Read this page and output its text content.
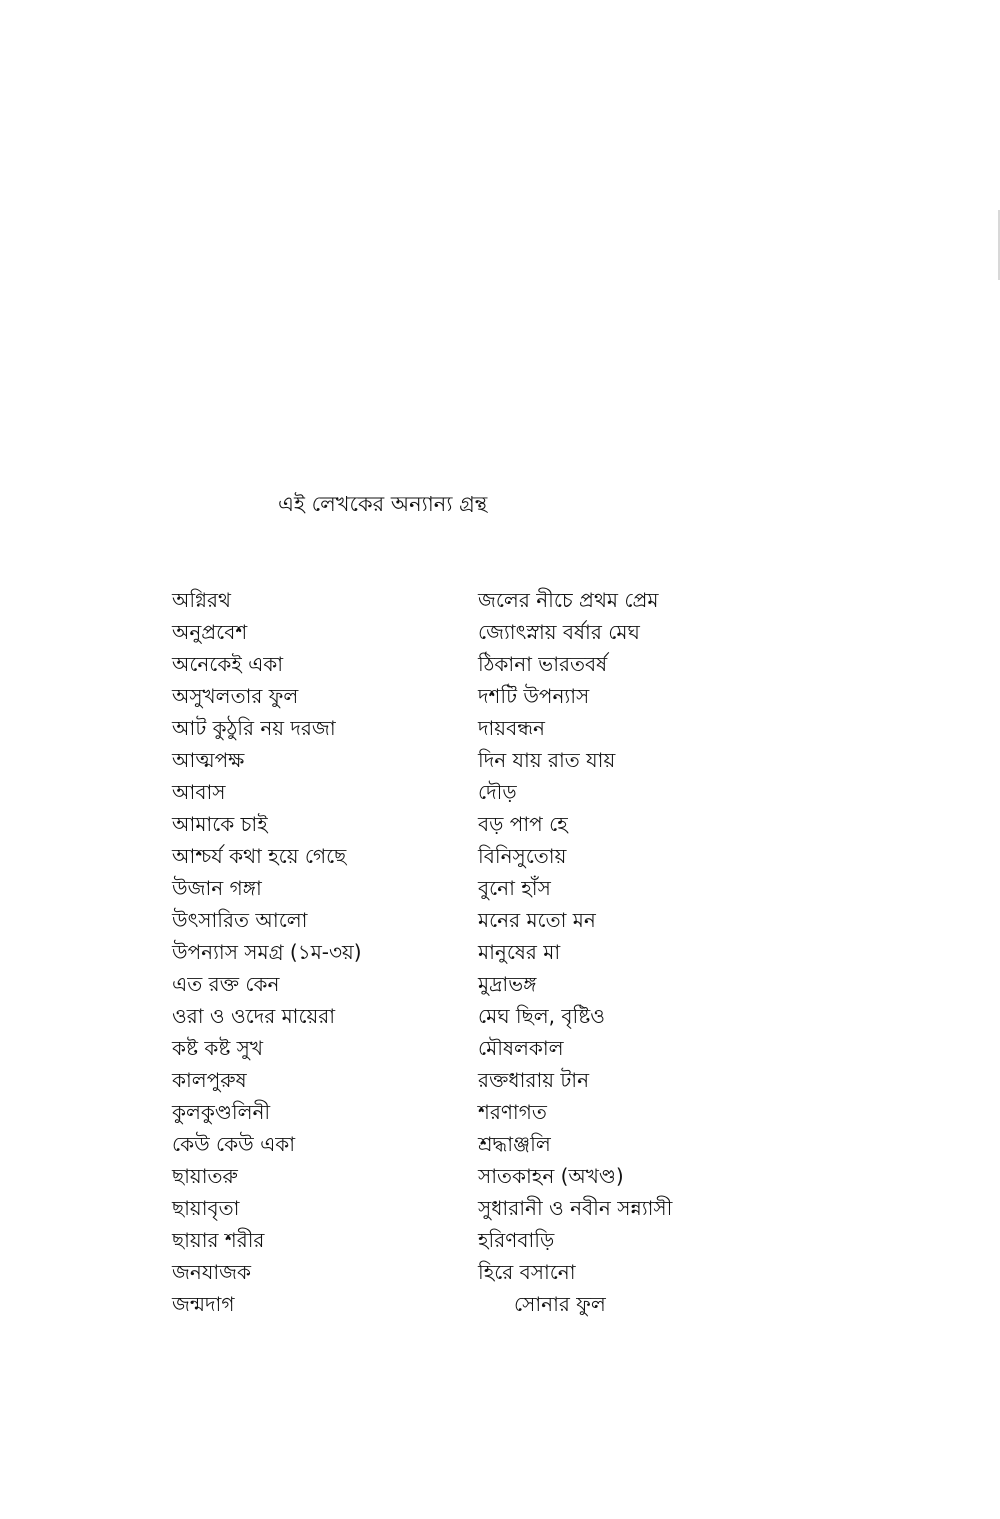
এই লেখকের অন্যান্য গ্রন্থ
অগ্নিরথ
অনুপ্রবেশ
অনেকেই একা
অসুখলতার ফুল
আট কুঠুরি নয় দরজা
আত্মপক্ষ
আবাস
আমাকে চাই
আশ্চর্য কথা হয়ে গেছে
উজান গঙ্গা
উৎসারিত আলো
উপন্যাস সমগ্র (১ম-৩য়)
এত রক্ত কেন
ওরা ও ওদের মায়েরা
কষ্ট কষ্ট সুখ
কালপুরুষ
কুলকুণ্ডলিনী
কেউ কেউ একা
ছায়াতরু
ছায়াবৃতা
ছায়ার শরীর
জনযাজক
জন্মদাগ
জলের নীচে প্রথম প্রেম
জ্যোৎস্নায় বর্ষার মেঘ
ঠিকানা ভারতবর্ষ
দশটি উপন্যাস
দায়বন্ধন
দিন যায় রাত যায়
দৌড়
বড় পাপ হে
বিনিসুতোয়
বুনো হাঁস
মনের মতো মন
মানুষের মা
মুদ্রাভঙ্গ
মেঘ ছিল, বৃষ্টিও
মৌষলকাল
রক্তধারায় টান
শরণাগত
শ্রদ্ধাঞ্জলি
সাতকাহন (অখণ্ড)
সুধারানী ও নবীন সন্ন্যাসী
হরিণবাড়ি
হিরে বসানো
সোনার ফুল
